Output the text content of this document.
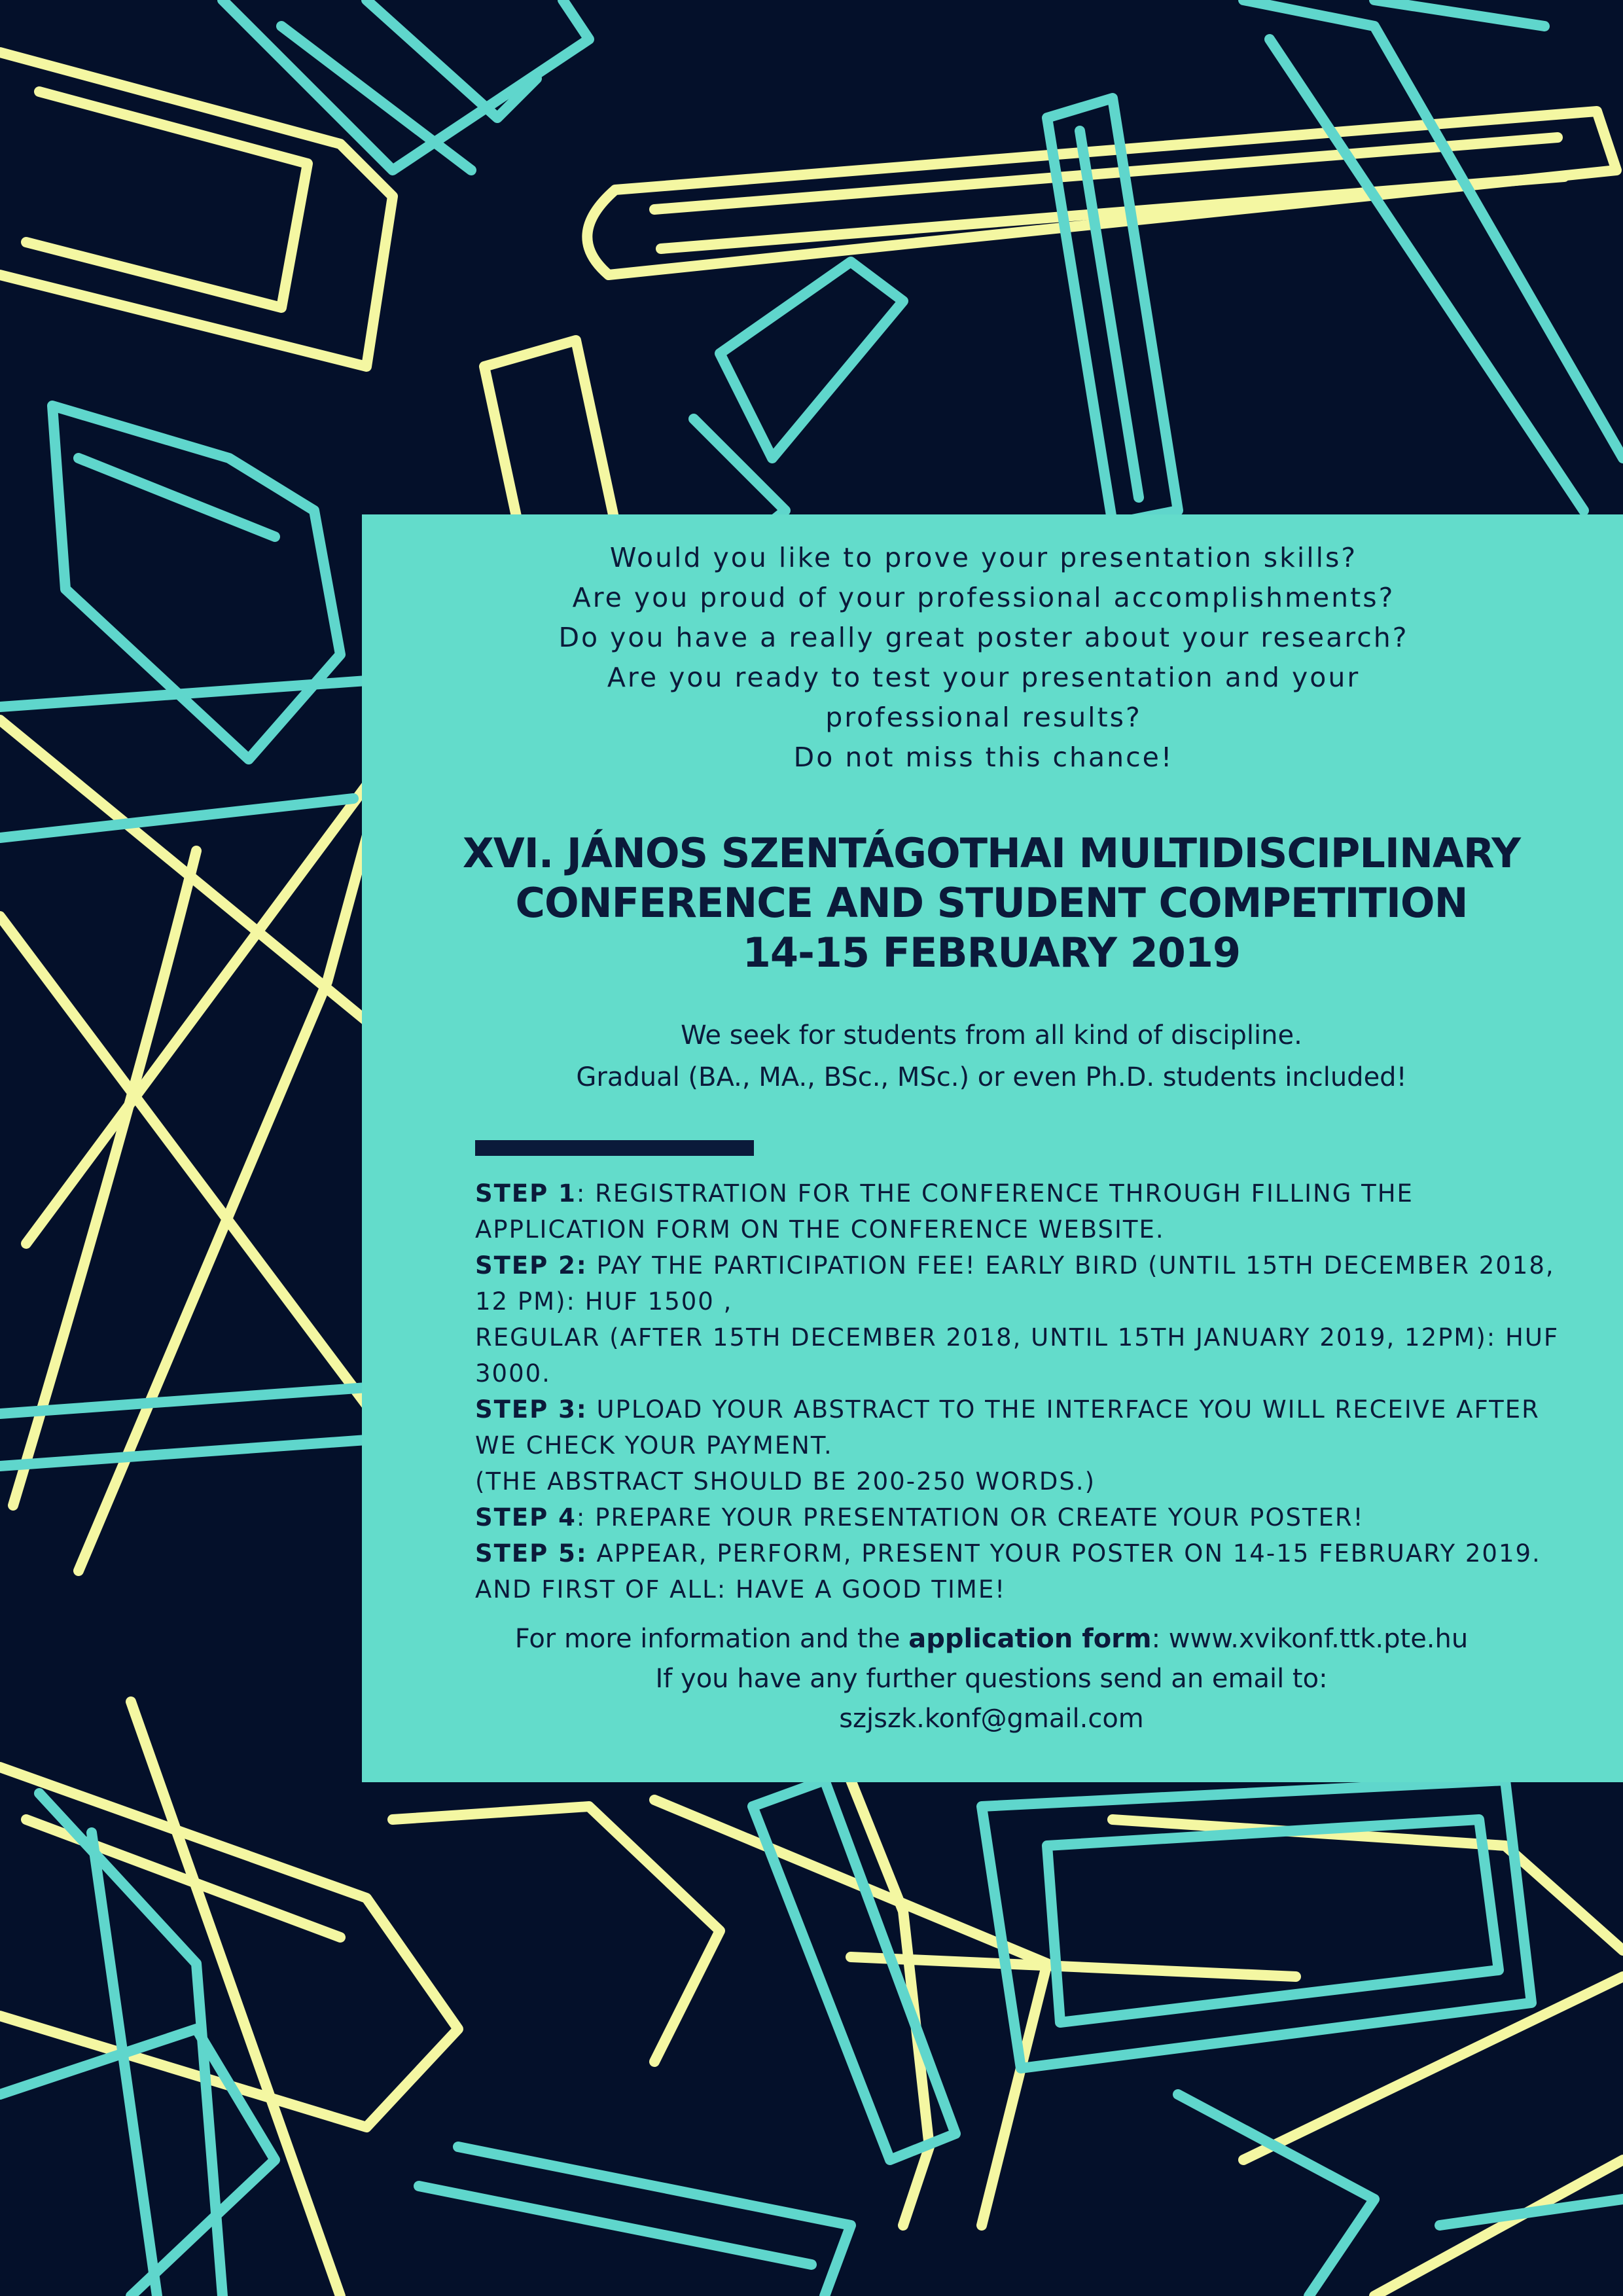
Would you like to prove your presentation skills?
Are you proud of your professional accomplishments?
Do you have a really great poster about your research?
Are you ready to test your presentation and your
professional results?
Do not miss this chance!
XVI. JÁNOS SZENTÁGOTHAI MULTIDISCIPLINARY
CONFERENCE AND STUDENT COMPETITION
14-15 FEBRUARY 2019
We seek for students from all kind of discipline.
Gradual (BA., MA., BSc., MSc.) or even Ph.D. students included!

STEP 1: REGISTRATION FOR THE CONFERENCE THROUGH FILLING THE APPLICATION FORM ON THE CONFERENCE WEBSITE.

STEP 2: PAY THE PARTICIPATION FEE! EARLY BIRD (UNTIL 15TH DECEMBER 2018, 12 PM): HUF 1500 ,

REGULAR (AFTER 15TH DECEMBER 2018, UNTIL 15TH JANUARY 2019, 12PM): HUF 3000.

STEP 3: UPLOAD YOUR ABSTRACT TO THE INTERFACE YOU WILL RECEIVE AFTER WE CHECK YOUR PAYMENT.

(THE ABSTRACT SHOULD BE 200-250 WORDS.)

STEP 4: PREPARE YOUR PRESENTATION OR CREATE YOUR POSTER!

STEP 5: APPEAR, PERFORM, PRESENT YOUR POSTER ON 14-15 FEBRUARY 2019. AND FIRST OF ALL: HAVE A GOOD TIME!

For more information and the application form: www.xvikonf.ttk.pte.hu

If you have any further questions send an email to:

szjszk.konf@gmail.com
